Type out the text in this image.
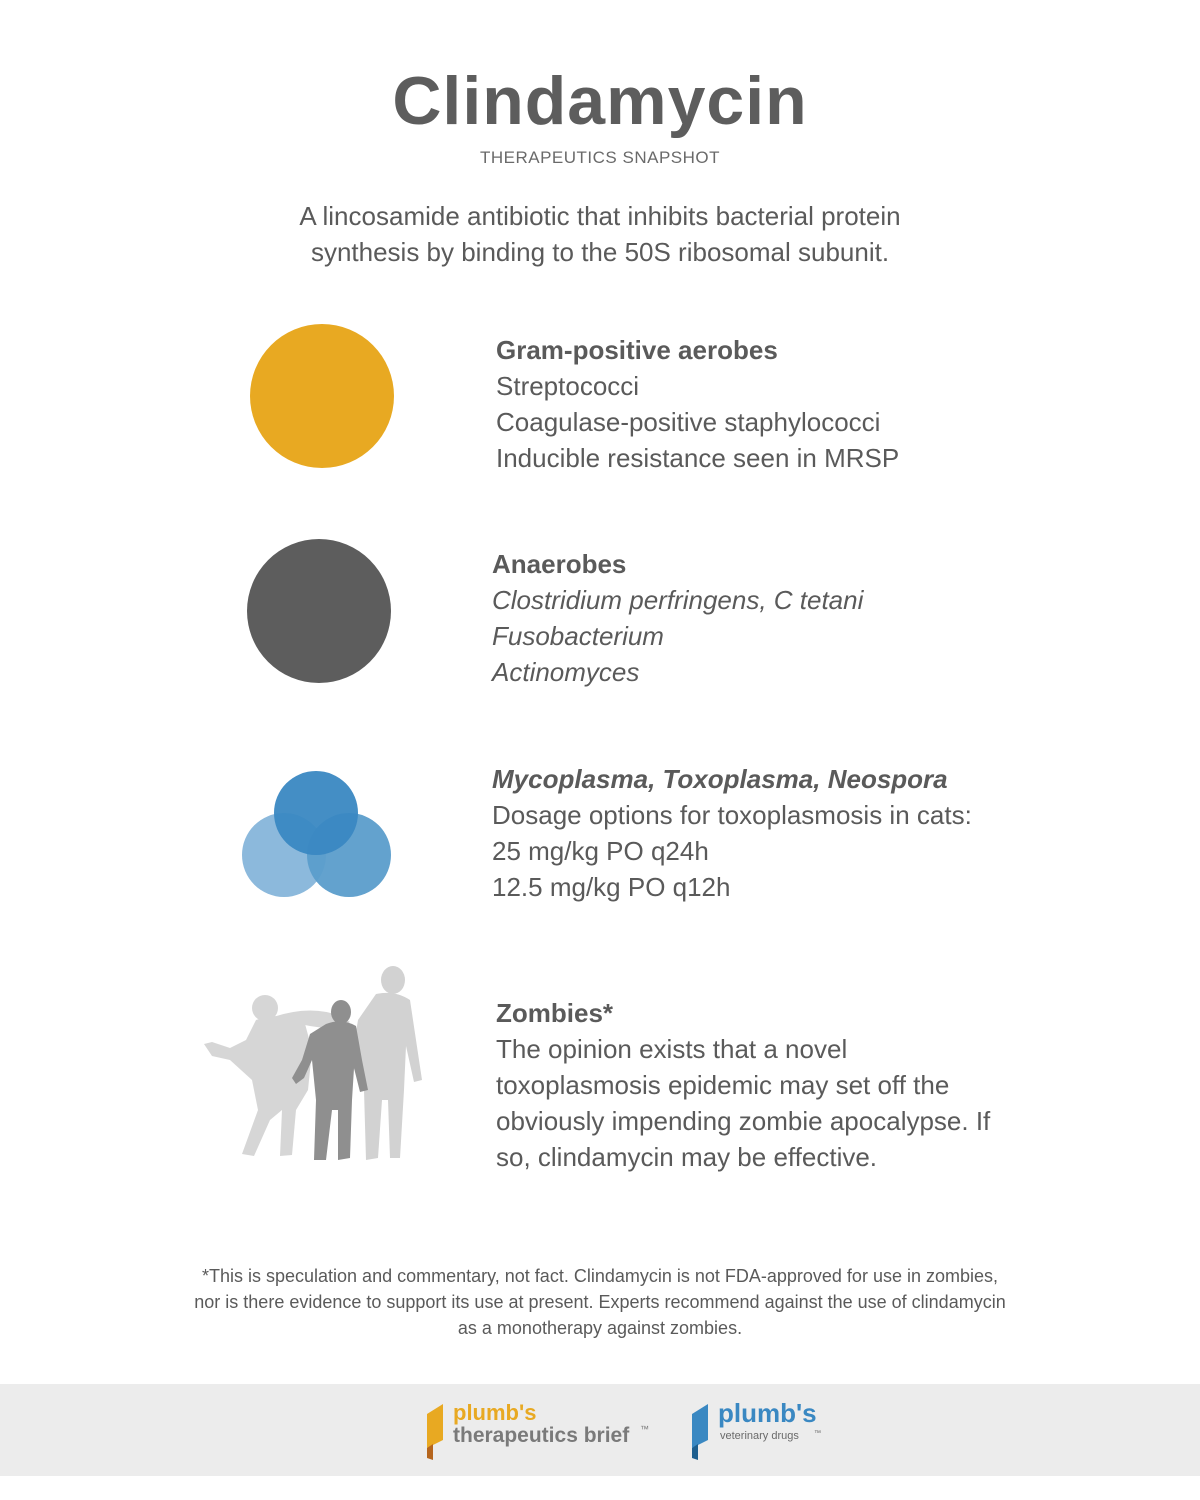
Clindamycin
THERAPEUTICS SNAPSHOT
A lincosamide antibiotic that inhibits bacterial protein
synthesis by binding to the 50S ribosomal subunit.
Gram-positive aerobes
Streptococci
Coagulase-positive staphylococci
Inducible resistance seen in MRSP
Anaerobes
Clostridium perfringens, C tetani
Fusobacterium
Actinomyces
Mycoplasma, Toxoplasma, Neospora
Dosage options for toxoplasmosis in cats:
25 mg/kg PO q24h
12.5 mg/kg PO q12h
Zombies*
The opinion exists that a novel
toxoplasmosis epidemic may set off the
obviously impending zombie apocalypse. If
so, clindamycin may be effective.
*This is speculation and commentary, not fact. Clindamycin is not FDA-approved for use in zombies,
nor is there evidence to support its use at present. Experts recommend against the use of clindamycin
as a monotherapy against zombies.
plumb's
therapeutics brief ™
plumb's
veterinary drugs ™
